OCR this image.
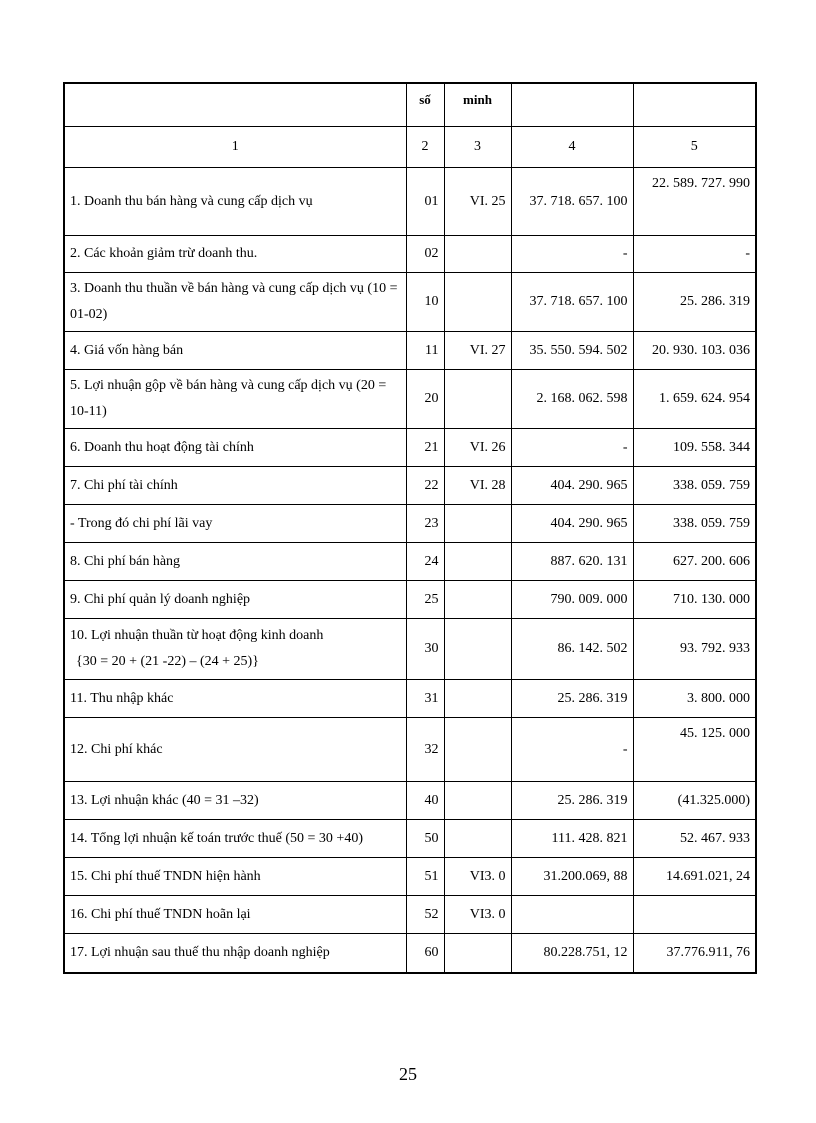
	số	minh		
1	2	3	4	5
1. Doanh thu bán hàng và cung cấp dịch vụ	01	VI. 25	37. 718. 657. 100	22. 589. 727. 990
2. Các khoản giảm trừ doanh thu.	02		-	-
3. Doanh thu thuần về bán hàng và cung cấp dịch vụ (10 = 01-02)	10		37. 718. 657. 100	25. 286. 319
4. Giá vốn hàng bán	11	VI. 27	35. 550. 594. 502	20. 930. 103. 036
5. Lợi nhuận gộp về bán hàng và cung cấp dịch vụ (20 = 10-11)	20		2. 168. 062. 598	1. 659. 624. 954
6. Doanh thu hoạt động tài chính	21	VI. 26	-	109. 558. 344
7. Chi phí tài chính	22	VI. 28	404. 290. 965	338. 059. 759
- Trong đó chi phí lãi vay	23		404. 290. 965	338. 059. 759
8. Chi phí bán hàng	24		887. 620. 131	627. 200. 606
9. Chi phí quản lý doanh nghiệp	25		790. 009. 000	710. 130. 000

10. Lợi nhuận thuần từ hoạt động kinh doanh
{30 = 20 + (21 -22) – (24 + 25)}	30		86. 142. 502	93. 792. 933
11. Thu nhập khác	31		25. 286. 319	3. 800. 000
12. Chi phí khác	32		-	45. 125. 000
13. Lợi nhuận khác (40 = 31 –32)	40		25. 286. 319	(41.325.000)
14. Tổng lợi nhuận kế toán trước thuế (50 = 30 +40)	50		111. 428. 821	52. 467. 933
15. Chi phí thuế TNDN hiện hành	51	VI3. 0	31.200.069, 88	14.691.021, 24
16. Chi phí thuế TNDN hoãn lại	52	VI3. 0		
17. Lợi nhuận sau thuế thu nhập doanh nghiệp	60		80.228.751, 12	37.776.911, 76
25
